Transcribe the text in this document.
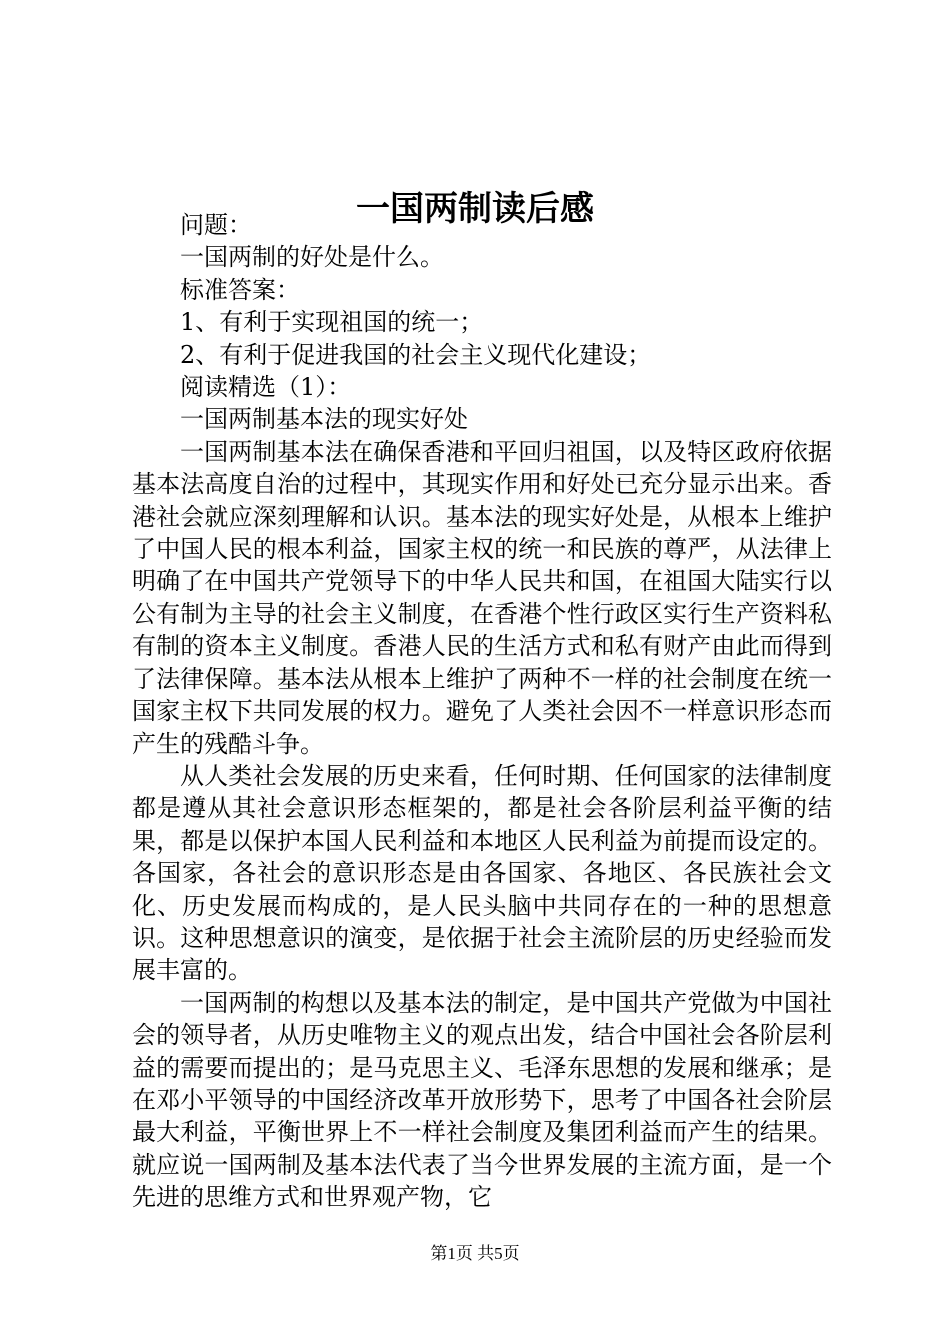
一国两制读后感

问题：

一国两制的好处是什么。

标准答案：

1、有利于实现祖国的统一；

2、有利于促进我国的社会主义现代化建设；

阅读精选（1）：

一国两制基本法的现实好处

一国两制基本法在确保香港和平回归祖国，以及特区政府依据基本法高度自治的过程中，其现实作用和好处已充分显示出来。香港社会就应深刻理解和认识。基本法的现实好处是，从根本上维护了中国人民的根本利益，国家主权的统一和民族的尊严，从法律上明确了在中国共产党领导下的中华人民共和国，在祖国大陆实行以公有制为主导的社会主义制度，在香港个性行政区实行生产资料私有制的资本主义制度。香港人民的生活方式和私有财产由此而得到了法律保障。基本法从根本上维护了两种不一样的社会制度在统一国家主权下共同发展的权力。避免了人类社会因不一样意识形态而产生的残酷斗争。

从人类社会发展的历史来看，任何时期、任何国家的法律制度都是遵从其社会意识形态框架的，都是社会各阶层利益平衡的结果，都是以保护本国人民利益和本地区人民利益为前提而设定的。各国家，各社会的意识形态是由各国家、各地区、各民族社会文化、历史发展而构成的，是人民头脑中共同存在的一种的思想意识。这种思想意识的演变，是依据于社会主流阶层的历史经验而发展丰富的。

一国两制的构想以及基本法的制定，是中国共产党做为中国社会的领导者，从历史唯物主义的观点出发，结合中国社会各阶层利益的需要而提出的；是马克思主义、毛泽东思想的发展和继承；是在邓小平领导的中国经济改革开放形势下，思考了中国各社会阶层最大利益，平衡世界上不一样社会制度及集团利益而产生的结果。就应说一国两制及基本法代表了当今世界发展的主流方面，是一个先进的思维方式和世界观产物，它

第1页 共5页
